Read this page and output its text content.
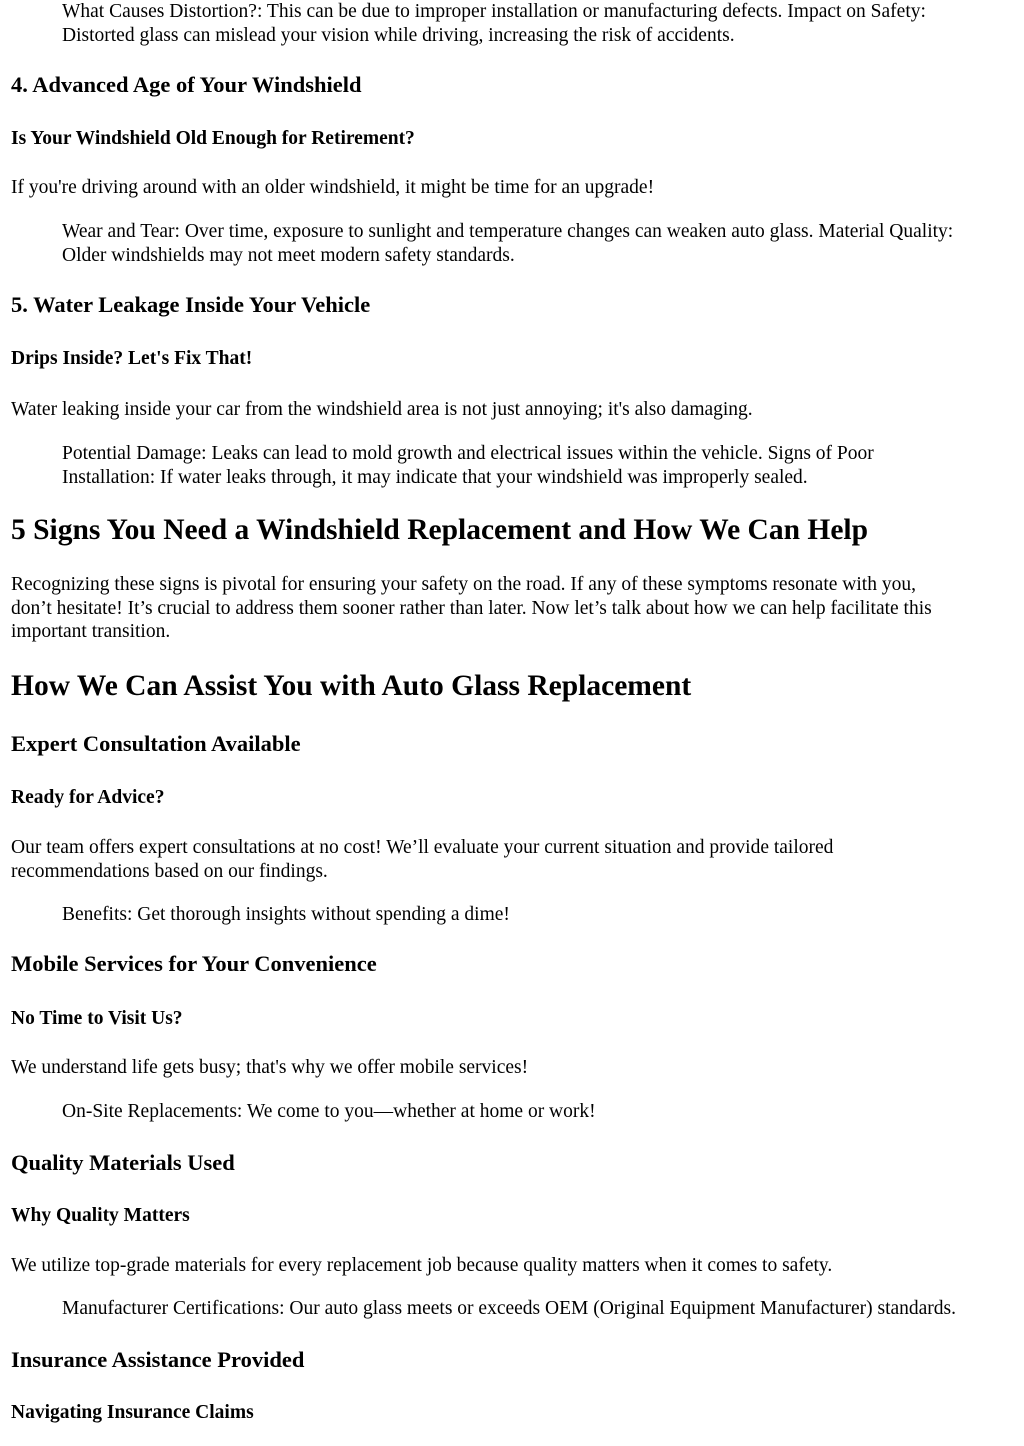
What Causes Distortion?: This can be due to improper installation or manufacturing defects. Impact on Safety:
Distorted glass can mislead your vision while driving, increasing the risk of accidents.
4. Advanced Age of Your Windshield
Is Your Windshield Old Enough for Retirement?

If you're driving around with an older windshield, it might be time for an upgrade!

Wear and Tear: Over time, exposure to sunlight and temperature changes can weaken auto glass. Material Quality:
Older windshields may not meet modern safety standards.
5. Water Leakage Inside Your Vehicle
Drips Inside? Let's Fix That!

Water leaking inside your car from the windshield area is not just annoying; it's also damaging.

Potential Damage: Leaks can lead to mold growth and electrical issues within the vehicle. Signs of Poor
Installation: If water leaks through, it may indicate that your windshield was improperly sealed.
5 Signs You Need a Windshield Replacement and How We Can Help

Recognizing these signs is pivotal for ensuring your safety on the road. If any of these symptoms resonate with you,
don’t hesitate! It’s crucial to address them sooner rather than later. Now let’s talk about how we can help facilitate this
important transition.

How We Can Assist You with Auto Glass Replacement
Expert Consultation Available
Ready for Advice?

Our team offers expert consultations at no cost! We’ll evaluate your current situation and provide tailored
recommendations based on our findings.

Benefits: Get thorough insights without spending a dime!
Mobile Services for Your Convenience
No Time to Visit Us?

We understand life gets busy; that's why we offer mobile services!

On-Site Replacements: We come to you—whether at home or work!
Quality Materials Used
Why Quality Matters

We utilize top-grade materials for every replacement job because quality matters when it comes to safety.

Manufacturer Certifications: Our auto glass meets or exceeds OEM (Original Equipment Manufacturer) standards.
Insurance Assistance Provided
Navigating Insurance Claims
